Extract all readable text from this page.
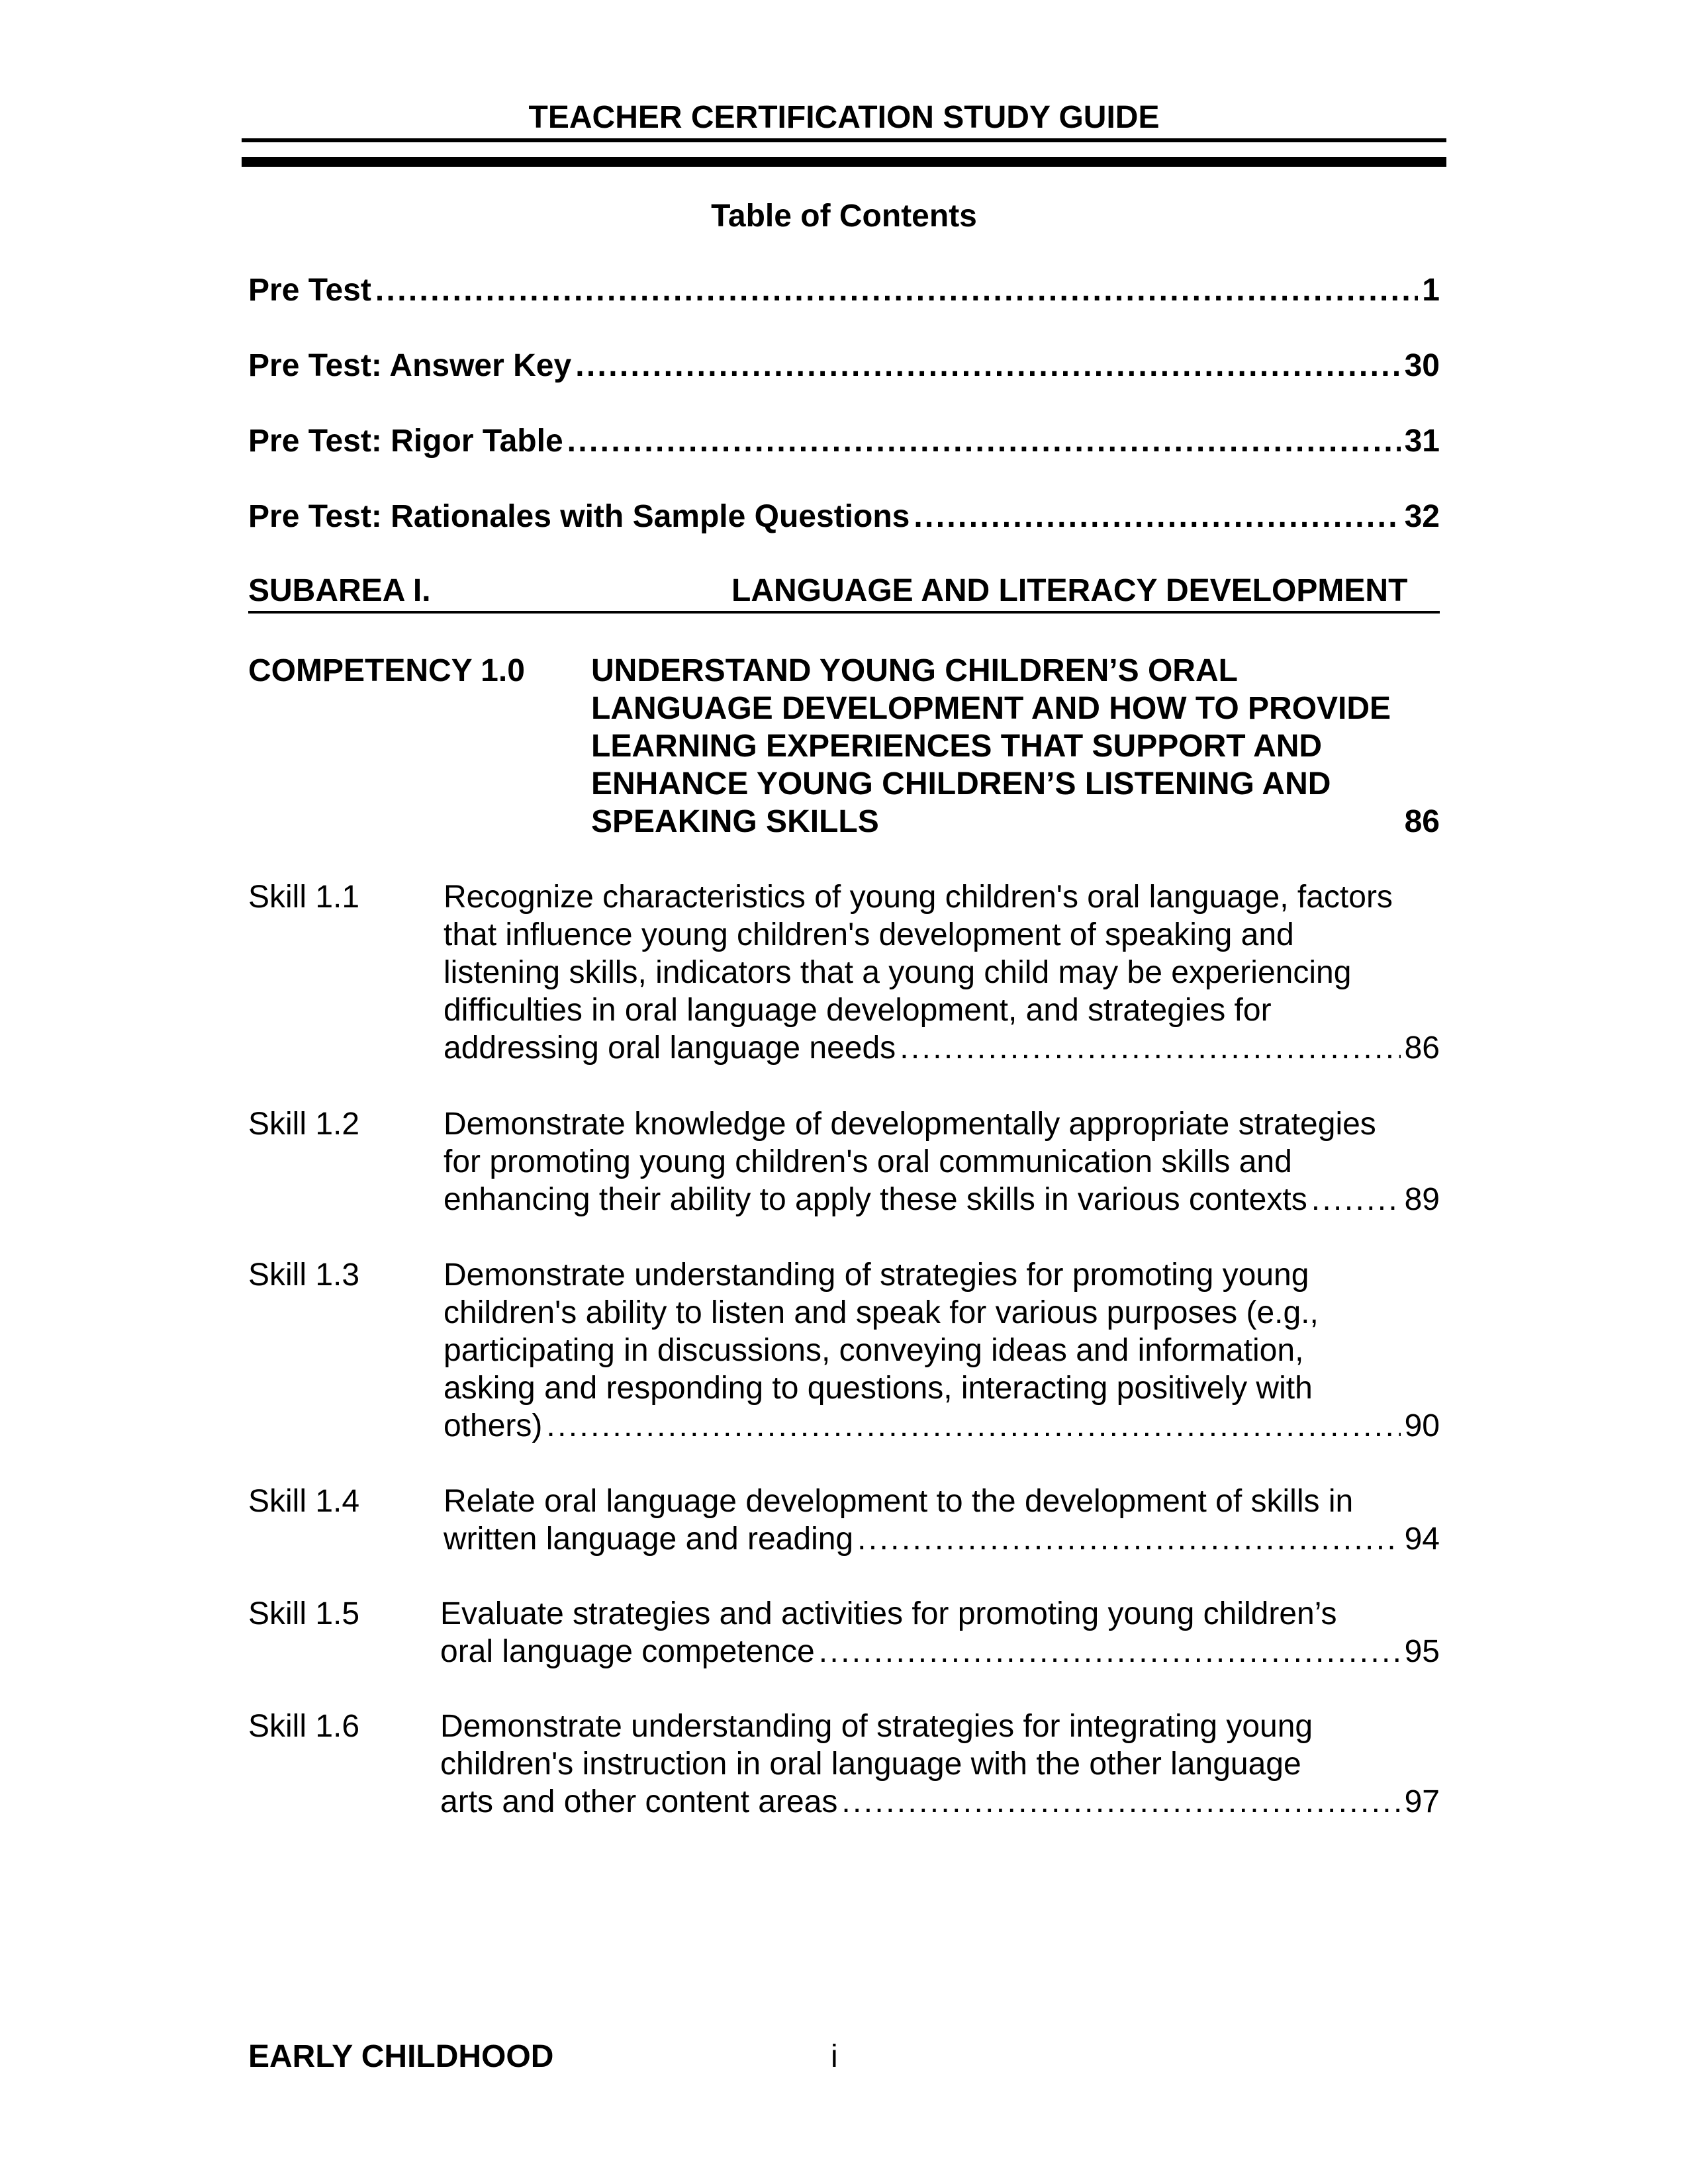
TEACHER CERTIFICATION STUDY GUIDE
Table of Contents
Pre Test . . .	1
Pre Test: Answer Key . . .	30
Pre Test: Rigor Table . . .	31
Pre Test: Rationales with Sample Questions . . .	32
SUBAREA I.	LANGUAGE AND LITERACY DEVELOPMENT
COMPETENCY 1.0 UNDERSTAND YOUNG CHILDREN’S ORAL
LANGUAGE DEVELOPMENT AND HOW TO PROVIDE
LEARNING EXPERIENCES THAT SUPPORT AND
ENHANCE YOUNG CHILDREN’S LISTENING AND
SPEAKING SKILLS	86
Skill 1.1	Recognize characteristics of young children's oral language, factors
that influence young children's development of speaking and
listening skills, indicators that a young child may be experiencing
difficulties in oral language development, and strategies for
addressing oral language needs . . .	86
Skill 1.2	Demonstrate knowledge of developmentally appropriate strategies
for promoting young children's oral communication skills and
enhancing their ability to apply these skills in various contexts . . .	89
Skill 1.3	Demonstrate understanding of strategies for promoting young
children's ability to listen and speak for various purposes (e.g.,
participating in discussions, conveying ideas and information,
asking and responding to questions, interacting positively with
others) . . .	90
Skill 1.4	Relate oral language development to the development of skills in
written language and reading . . .	94
Skill 1.5	Evaluate strategies and activities for promoting young children’s
oral language competence . . .	95
Skill 1.6	Demonstrate understanding of strategies for integrating young
children's instruction in oral language with the other language
arts and other content areas . . .	97
EARLY CHILDHOOD	i
